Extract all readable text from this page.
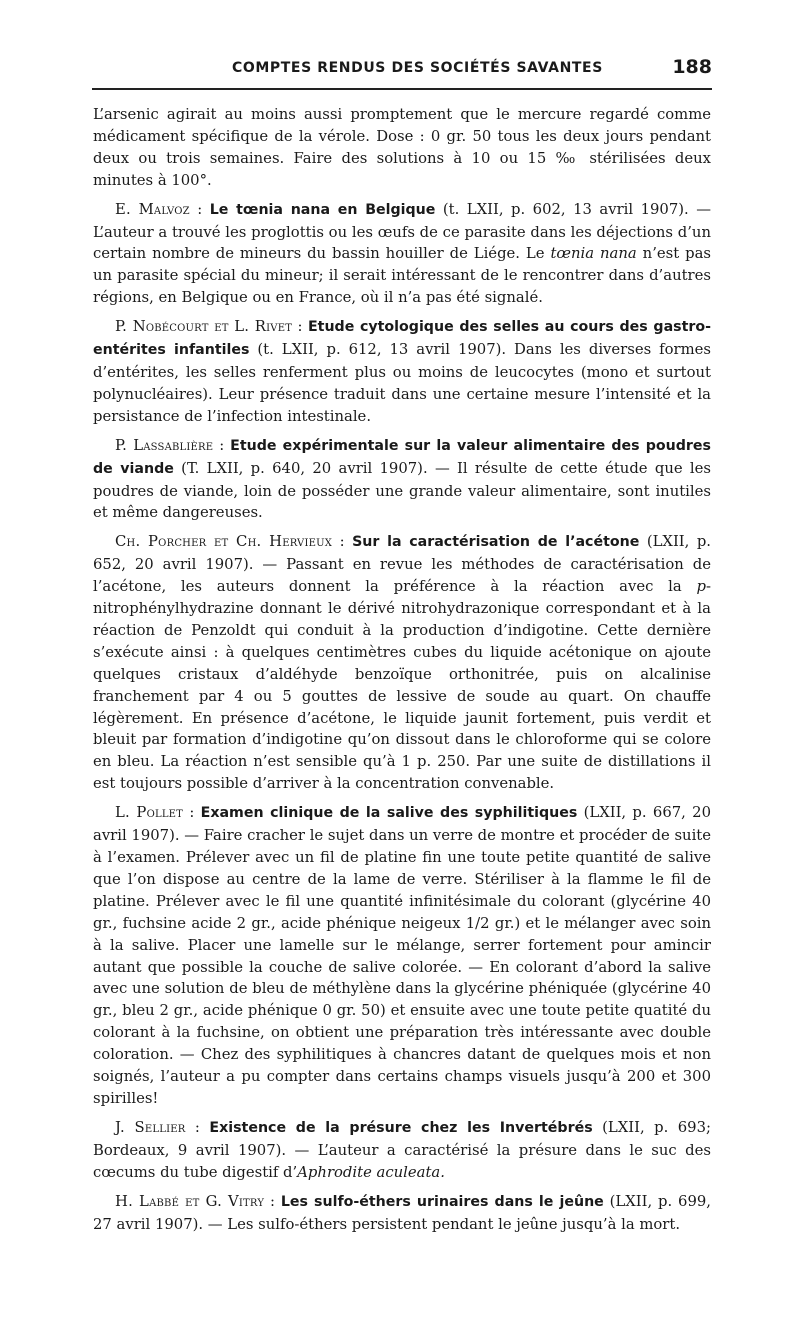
COMPTES RENDUS DES SOCIÉTÉS SAVANTES	188

L’arsenic agirait au moins aussi promptement que le mercure regardé comme médicament spécifique de la vérole. Dose : 0 gr. 50 tous les deux jours pendant deux ou trois semaines. Faire des solutions à 10 ou 15 ‰ stérilisées deux minutes à 100°.

E. Malvoz : Le tœnia nana en Belgique (t. LXII, p. 602, 13 avril 1907). — L’auteur a trouvé les proglottis ou les œufs de ce parasite dans les déjections d’un certain nombre de mineurs du bassin houiller de Liége. Le tœnia nana n’est pas un parasite spécial du mineur; il serait intéressant de le rencontrer dans d’autres régions, en Belgique ou en France, où il n’a pas été signalé.

P. Nobécourt et L. Rivet : Etude cytologique des selles au cours des gastro-entérites infantiles (t. LXII, p. 612, 13 avril 1907). Dans les diverses formes d’entérites, les selles renferment plus ou moins de leucocytes (mono et surtout polynucléaires). Leur présence traduit dans une certaine mesure l’intensité et la persistance de l’infection intestinale.

P. Lassablière : Etude expérimentale sur la valeur alimentaire des poudres de viande (T. LXII, p. 640, 20 avril 1907). — Il résulte de cette étude que les poudres de viande, loin de posséder une grande valeur alimentaire, sont inutiles et même dangereuses.

Ch. Porcher et Ch. Hervieux : Sur la caractérisation de l’acétone (LXII, p. 652, 20 avril 1907). — Passant en revue les méthodes de caractérisation de l’acétone, les auteurs donnent la préférence à la réaction avec la p-nitrophénylhydrazine donnant le dérivé nitrohydrazonique correspondant et à la réaction de Penzoldt qui conduit à la production d’indigotine. Cette dernière s’exécute ainsi : à quelques centimètres cubes du liquide acétonique on ajoute quelques cristaux d’aldéhyde benzoïque orthonitrée, puis on alcalinise franchement par 4 ou 5 gouttes de lessive de soude au quart. On chauffe légèrement. En présence d’acétone, le liquide jaunit fortement, puis verdit et bleuit par formation d’indigotine qu’on dissout dans le chloroforme qui se colore en bleu. La réaction n’est sensible qu’à 1 p. 250. Par une suite de distillations il est toujours possible d’arriver à la concentration convenable.

L. Pollet : Examen clinique de la salive des syphilitiques (LXII, p. 667, 20 avril 1907). — Faire cracher le sujet dans un verre de montre et procéder de suite à l’examen. Prélever avec un fil de platine fin une toute petite quantité de salive que l’on dispose au centre de la lame de verre. Stériliser à la flamme le fil de platine. Prélever avec le fil une quantité infinitésimale du colorant (glycérine 40 gr., fuchsine acide 2 gr., acide phénique neigeux 1/2 gr.) et le mélanger avec soin à la salive. Placer une lamelle sur le mélange, serrer fortement pour amincir autant que possible la couche de salive colorée. — En colorant d’abord la salive avec une solution de bleu de méthylène dans la glycérine phéniquée (glycérine 40 gr., bleu 2 gr., acide phénique 0 gr. 50) et ensuite avec une toute petite quatité du colorant à la fuchsine, on obtient une préparation très intéressante avec double coloration. — Chez des syphilitiques à chancres datant de quelques mois et non soignés, l’auteur a pu compter dans certains champs visuels jusqu’à 200 et 300 spirilles!

J. Sellier : Existence de la présure chez les Invertébrés (LXII, p. 693; Bordeaux, 9 avril 1907). — L’auteur a caractérisé la présure dans le suc des cœcums du tube digestif d’Aphrodite aculeata.

H. Labbé et G. Vitry : Les sulfo-éthers urinaires dans le jeûne (LXII, p. 699, 27 avril 1907). — Les sulfo-éthers persistent pendant le jeûne jusqu’à la mort.
